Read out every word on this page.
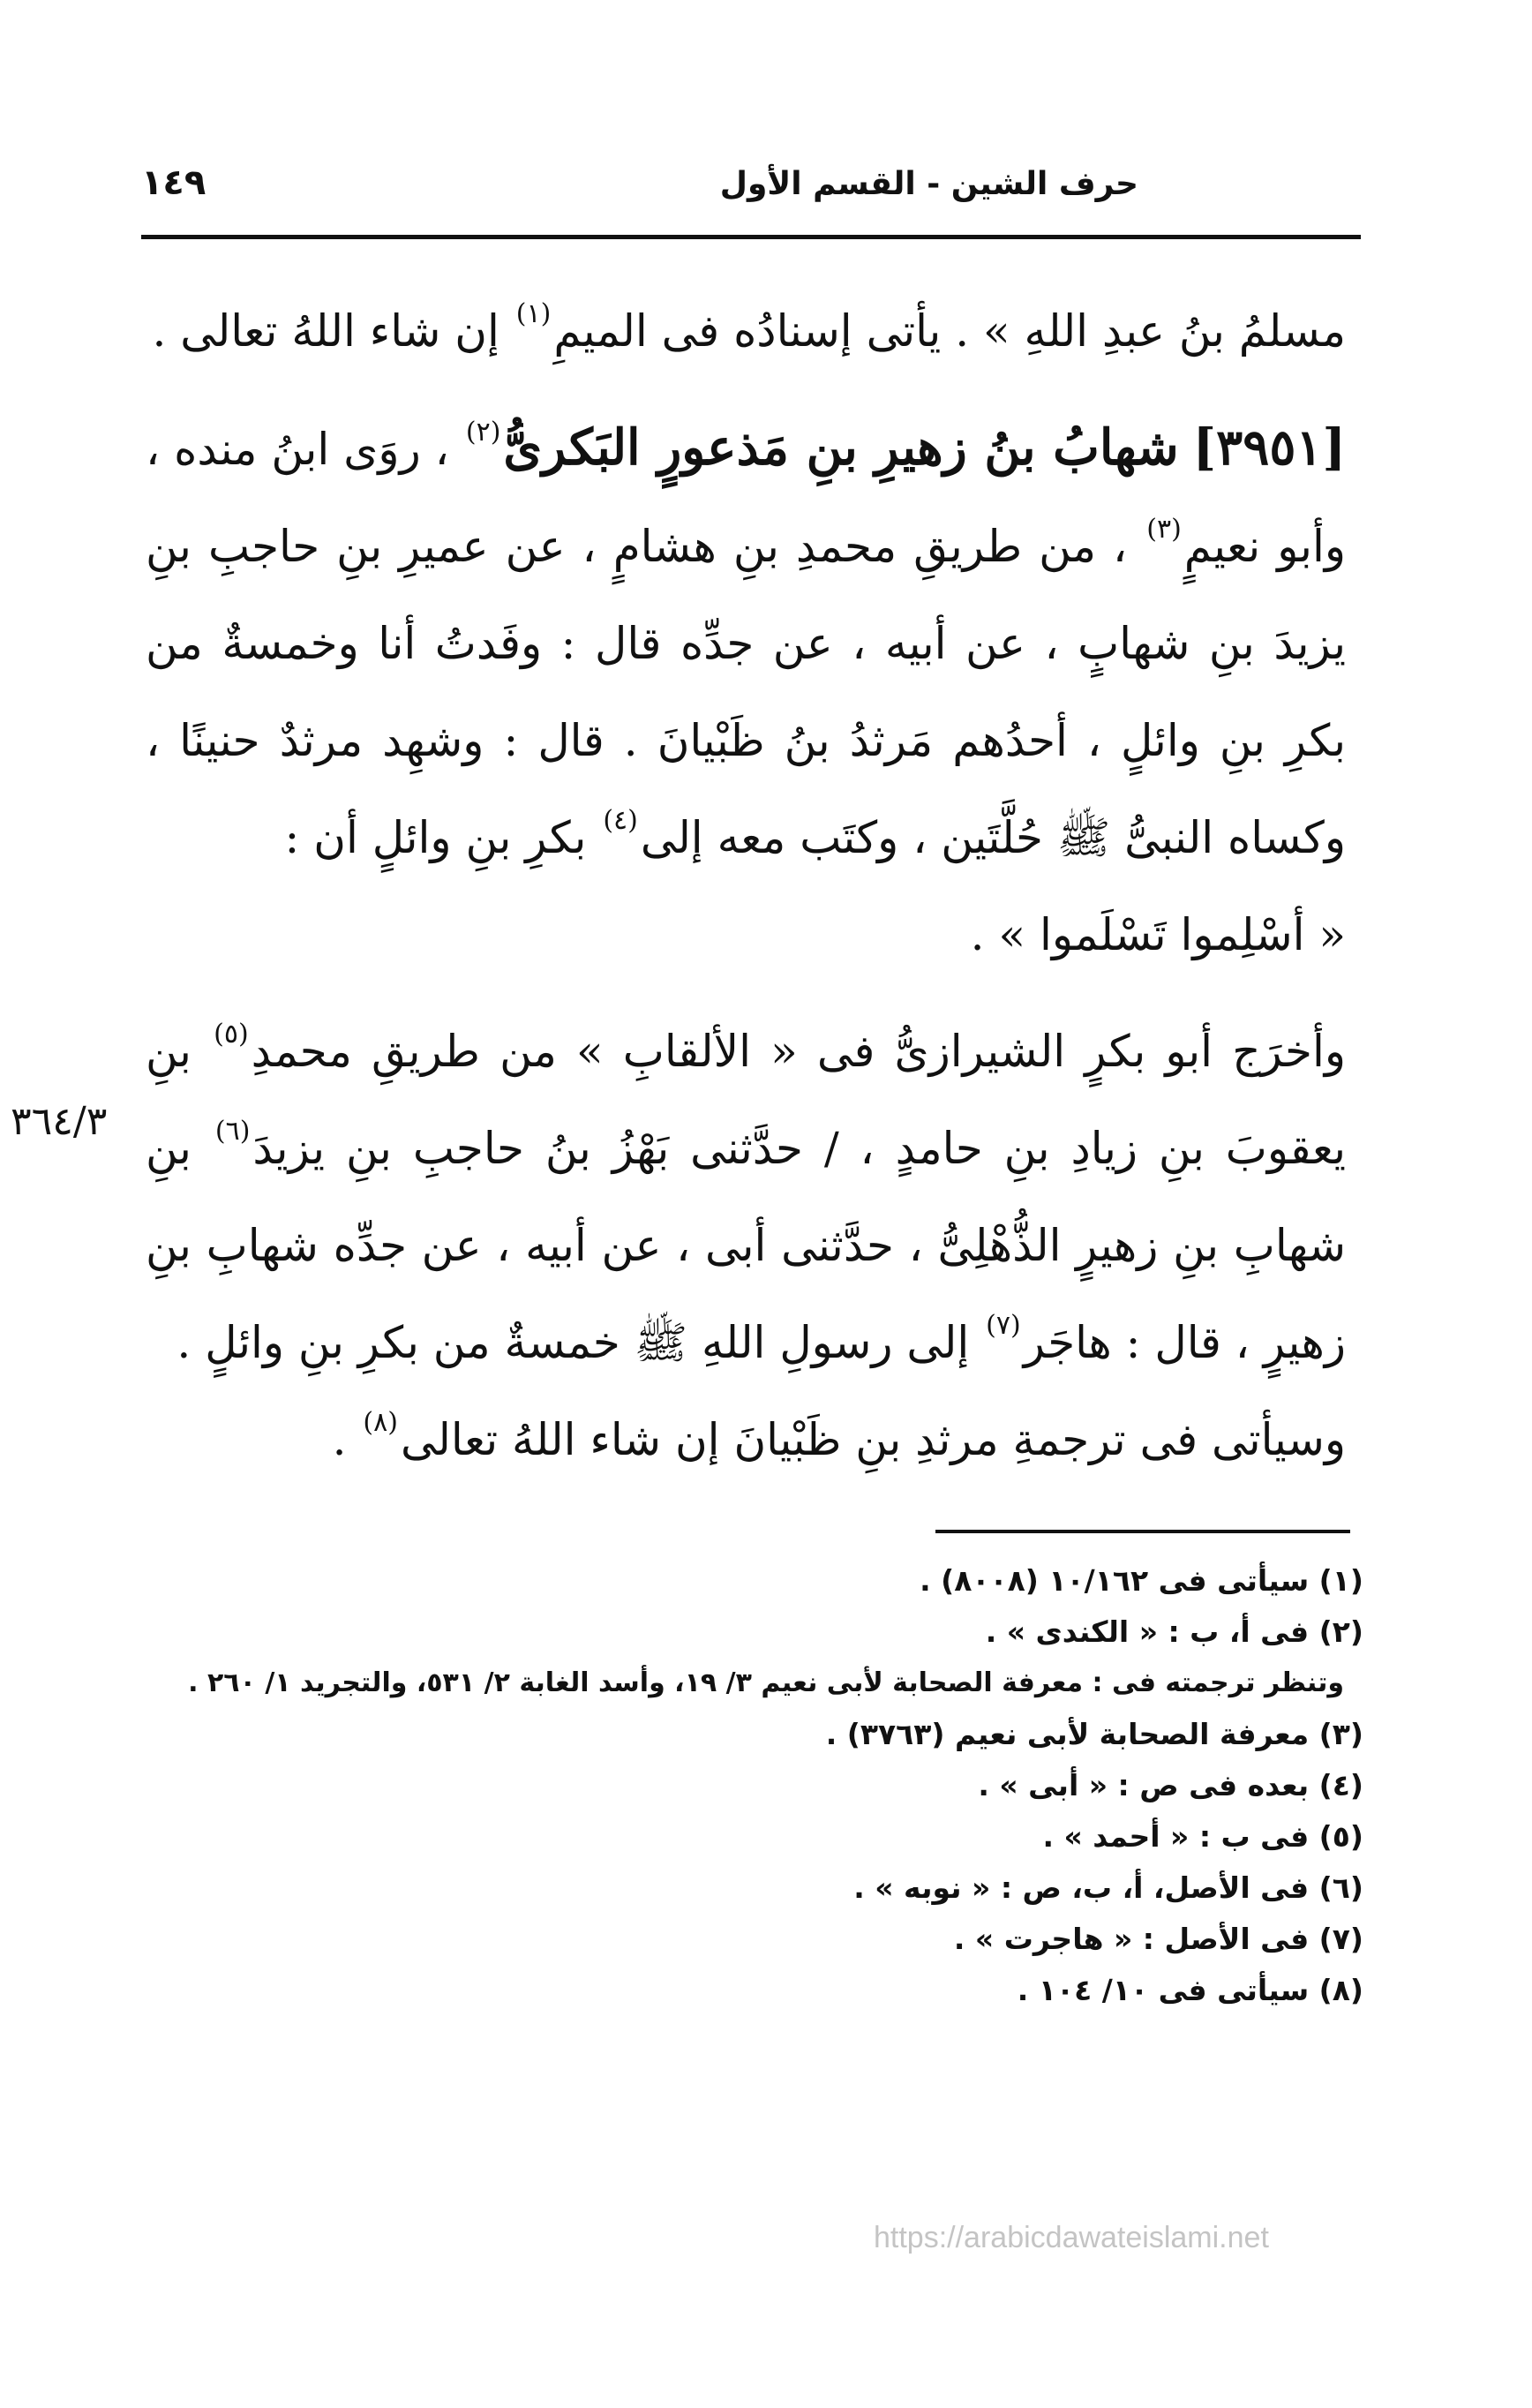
حرف الشين - القسم الأول
١٤٩

مسلمُ بنُ عبدِ اللهِ » . يأتى إسنادُه فى الميمِ$^{(١)}$ إن شاء اللهُ تعالى .

[٣٩٥١] شهابُ بنُ زهيرِ بنِ مَذعورٍ البَكرىُّ$^{(٢)}$ ، روَى ابنُ منده ، وأبو نعيمٍ$^{(٣)}$ ، من طريقِ محمدِ بنِ هشامٍ ، عن عميرِ بنِ حاجبِ بنِ يزيدَ بنِ شهابٍ ، عن أبيه ، عن جدِّه قال : وفَدتُ أنا وخمسةٌ من بكرِ بنِ وائلٍ ، أحدُهم مَرثدُ بنُ ظَبْيانَ . قال : وشهِد مرثدٌ حنينًا ، وكساه النبىُّ ﷺ حُلَّتَين ، وكتَب معه إلى$^{(٤)}$ بكرِ بنِ وائلٍ أن :

« أسْلِموا تَسْلَموا » .

وأخرَج أبو بكرٍ الشيرازىُّ فى « الألقابِ » من طريقِ محمدِ$^{(٥)}$ بنِ يعقوبَ بنِ زيادِ بنِ حامدٍ ، / حدَّثنى بَهْزُ بنُ حاجبِ بنِ يزيدَ$^{(٦)}$ بنِ شهابِ بنِ زهيرٍ الذُّهْلِىُّ ، حدَّثنى أبى ، عن أبيه ، عن جدِّه شهابِ بنِ زهيرٍ ، قال : هاجَر$^{(٧)}$ إلى رسولِ اللهِ ﷺ خمسةٌ من بكرِ بنِ وائلٍ .

وسيأتى فى ترجمةِ مرثدِ بنِ ظَبْيانَ إن شاء اللهُ تعالى$^{(٨)}$ .

٣٦٤/٣

(١) سيأتى فى ١٠/١٦٢ (٨٠٠٨) .

(٢) فى أ، ب : « الكندى » .

وتنظر ترجمته فى : معرفة الصحابة لأبى نعيم ٣/ ١٩، وأسد الغابة ٢/ ٥٣١، والتجريد ١/ ٢٦٠ .

(٣) معرفة الصحابة لأبى نعيم (٣٧٦٣) .

(٤) بعده فى ص : « أبى » .

(٥) فى ب : « أحمد » .

(٦) فى الأصل، أ، ب، ص : « نوبه » .

(٧) فى الأصل : « هاجرت » .

(٨) سيأتى فى ١٠/ ١٠٤ .

https://arabicdawateislami.net
